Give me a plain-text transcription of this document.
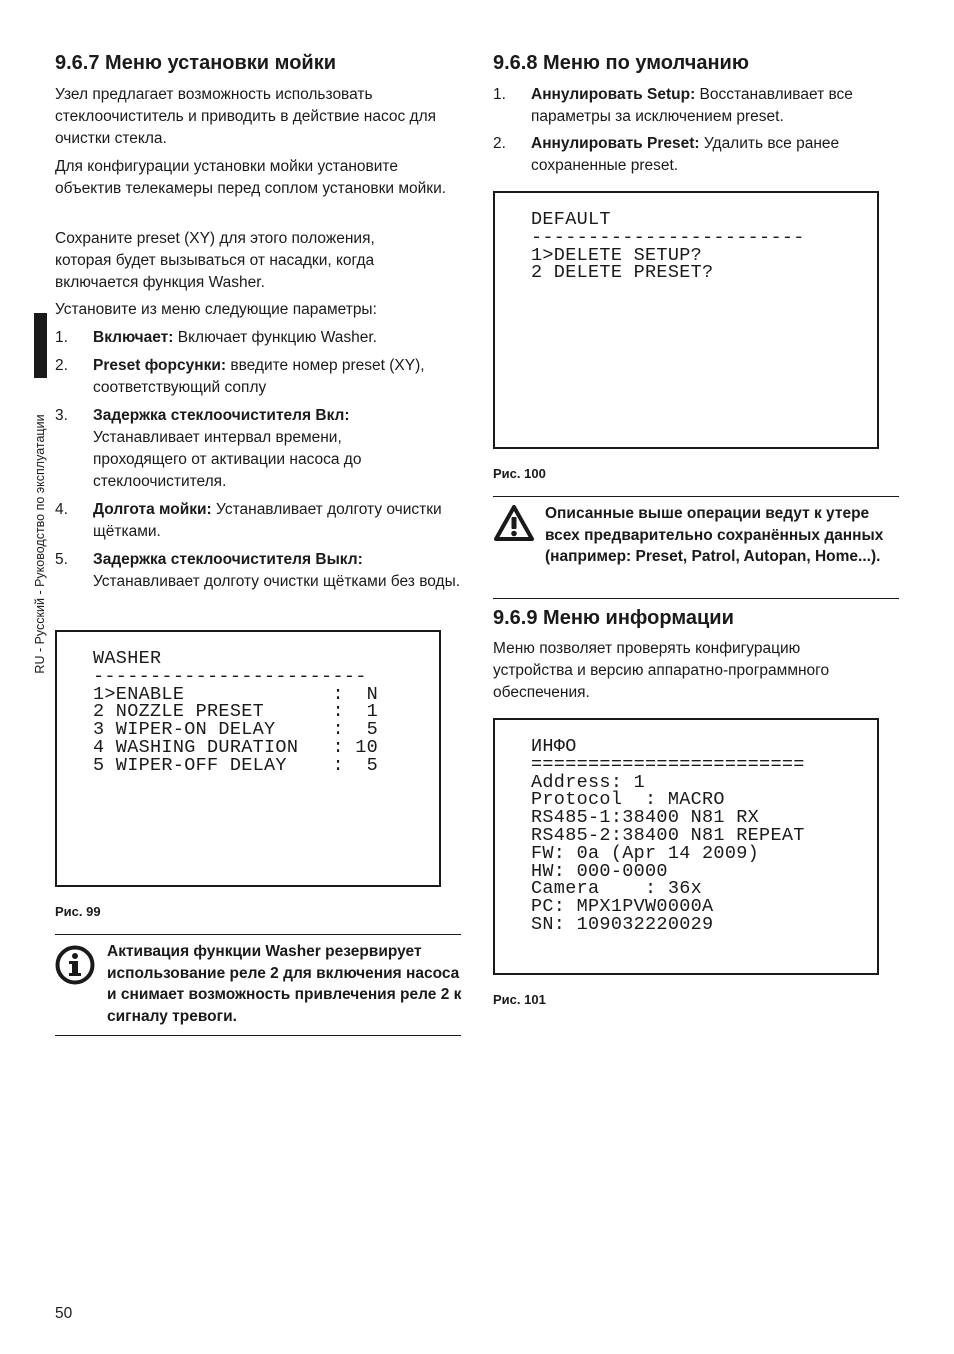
RU - Русский - Руководство по эксплуатации
9.6.7 Меню установки мойки

Узел предлагает возможность использовать стеклоочиститель и приводить в действие насос для очистки стекла.

Для конфигурации установки мойки установите объектив телекамеры перед соплом установки мойки.

Сохраните preset (XY) для этого положения, которая будет вызываться от насадки, когда включается функция Washer.

Установите из меню следующие параметры:

1. Включает: Включает функцию Washer.
2. Preset форсунки: введите номер preset (XY), соответствующий соплу
3. Задержка стеклоочистителя Вкл: Устанавливает интервал времени, проходящего от активации насоса до стеклоочистителя.
4. Долгота мойки: Устанавливает долготу очистки щётками.
5. Задержка стеклоочистителя Выкл: Устанавливает долготу очистки щётками без воды.
WASHER
------------------------
1>ENABLE             :  N
2 NOZZLE PRESET      :  1
3 WIPER-ON DELAY     :  5
4 WASHING DURATION   : 10
5 WIPER-OFF DELAY    :  5

Рис. 99

Активация функции Washer резервирует использование реле 2 для включения насоса и снимает возможность привлечения реле 2 к сигналу тревоги.
50
9.6.8 Меню по умолчанию
1. Аннулировать Setup: Восстанавливает все параметры за исключением preset.
2. Аннулировать Preset: Удалить все ранее сохраненные preset.
DEFAULT
------------------------
1>DELETE SETUP?
2 DELETE PRESET?

Рис. 100

Описанные выше операции ведут к утере всех предварительно сохранённых данных (например: Preset, Patrol, Autopan, Home...).
9.6.9 Меню информации

Меню позволяет проверять конфигурацию устройства и версию аппаратно-программного обеспечения.

ИНФО
========================
Address: 1
Protocol  : MACRO
RS485-1:38400 N81 RX
RS485-2:38400 N81 REPEAT
FW: 0a (Apr 14 2009)
HW: 000-0000
Camera    : 36x
PC: MPX1PVW0000A
SN: 109032220029

Рис. 101
